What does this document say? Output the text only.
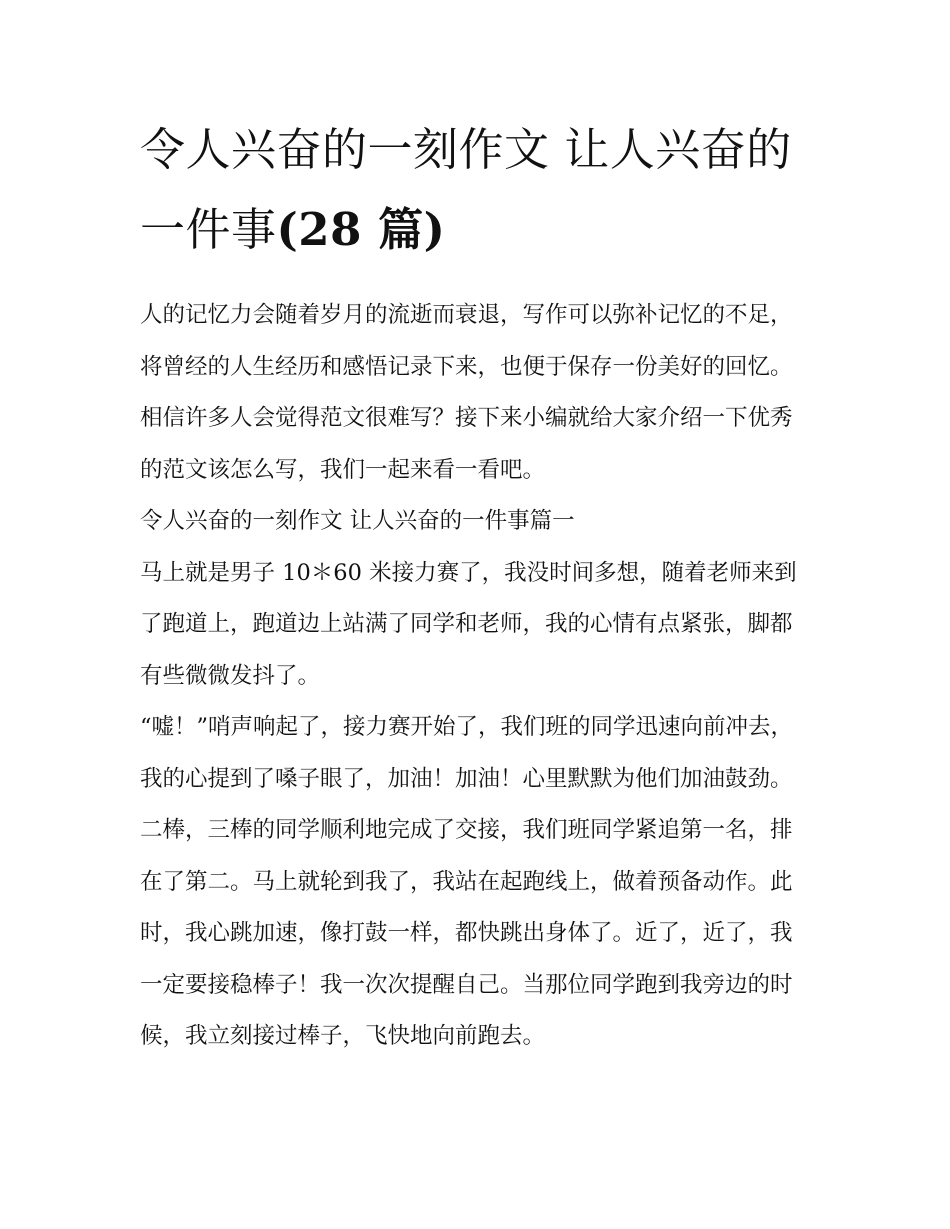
令人兴奋的一刻作文 让人兴奋的一件事(28 篇)

人的记忆力会随着岁月的流逝而衰退，写作可以弥补记忆的不足，将曾经的人生经历和感悟记录下来，也便于保存一份美好的回忆。相信许多人会觉得范文很难写？接下来小编就给大家介绍一下优秀的范文该怎么写，我们一起来看一看吧。

令人兴奋的一刻作文 让人兴奋的一件事篇一

马上就是男子 10＊60 米接力赛了，我没时间多想，随着老师来到了跑道上，跑道边上站满了同学和老师，我的心情有点紧张，脚都有些微微发抖了。

“嘘！”哨声响起了，接力赛开始了，我们班的同学迅速向前冲去，我的心提到了嗓子眼了，加油！加油！心里默默为他们加油鼓劲。二棒，三棒的同学顺利地完成了交接，我们班同学紧追第一名，排在了第二。马上就轮到我了，我站在起跑线上，做着预备动作。此时，我心跳加速，像打鼓一样，都快跳出身体了。近了，近了，我一定要接稳棒子！我一次次提醒自己。当那位同学跑到我旁边的时候，我立刻接过棒子，飞快地向前跑去。
